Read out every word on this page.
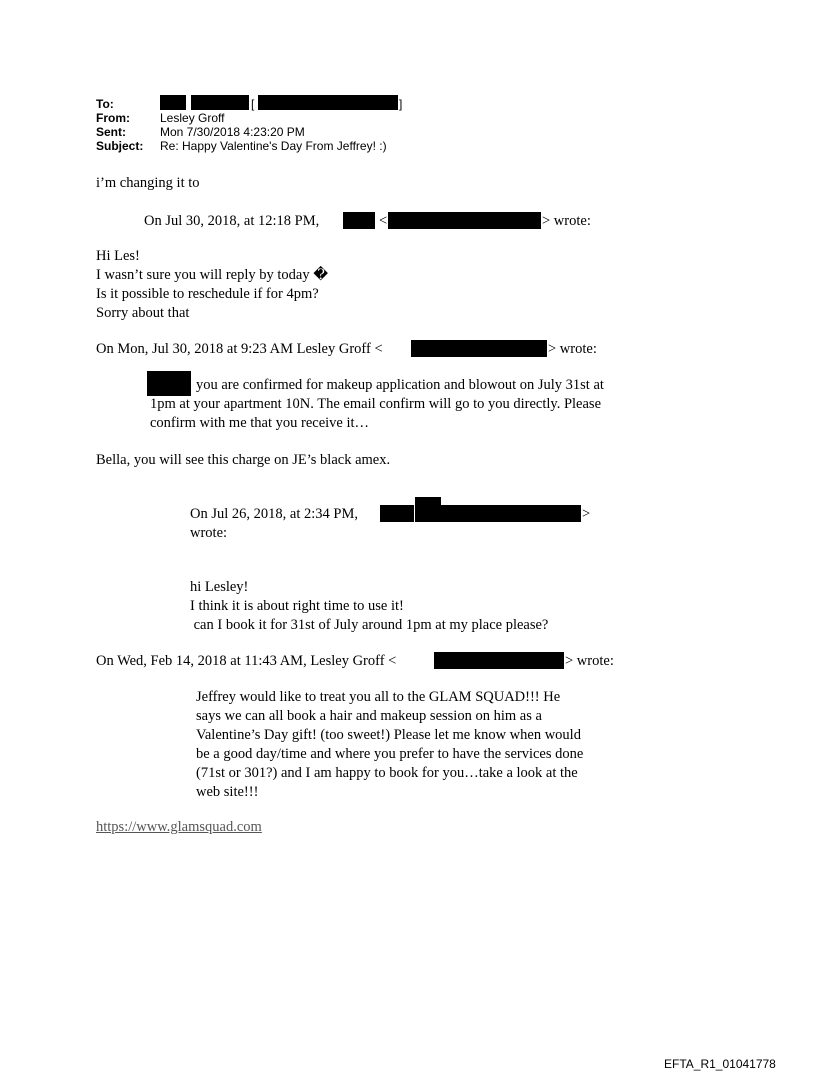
To:	[	]
From:	Lesley Groff
Sent:	Mon 7/30/2018 4:23:20 PM
Subject: Re: Happy Valentine's Day From Jeffrey! :)
i’m changing it to
On Jul 30, 2018, at 12:18 PM,	<	> wrote:
Hi Les!
I wasn’t sure you will reply by today �
Is it possible to reschedule if for 4pm?
Sorry about that
On Mon, Jul 30, 2018 at 9:23 AM Lesley Groff <	> wrote:
you are confirmed for makeup application and blowout on July 31st at
1pm at your apartment 10N. The email confirm will go to you directly. Please
confirm with me that you receive it…
Bella, you will see this charge on JE’s black amex.
On Jul 26, 2018, at 2:34 PM,	>
wrote:
hi Lesley!
I think it is about right time to use it!
can I book it for 31st of July around 1pm at my place please?
On Wed, Feb 14, 2018 at 11:43 AM, Lesley Groff <	> wrote:
Jeffrey would like to treat you all to the GLAM SQUAD!!! He
says we can all book a hair and makeup session on him as a
Valentine’s Day gift! (too sweet!) Please let me know when would
be a good day/time and where you prefer to have the services done
(71st or 301?) and I am happy to book for you…take a look at the
web site!!!
https://www.glamsquad.com
EFTA_R1_01041778
